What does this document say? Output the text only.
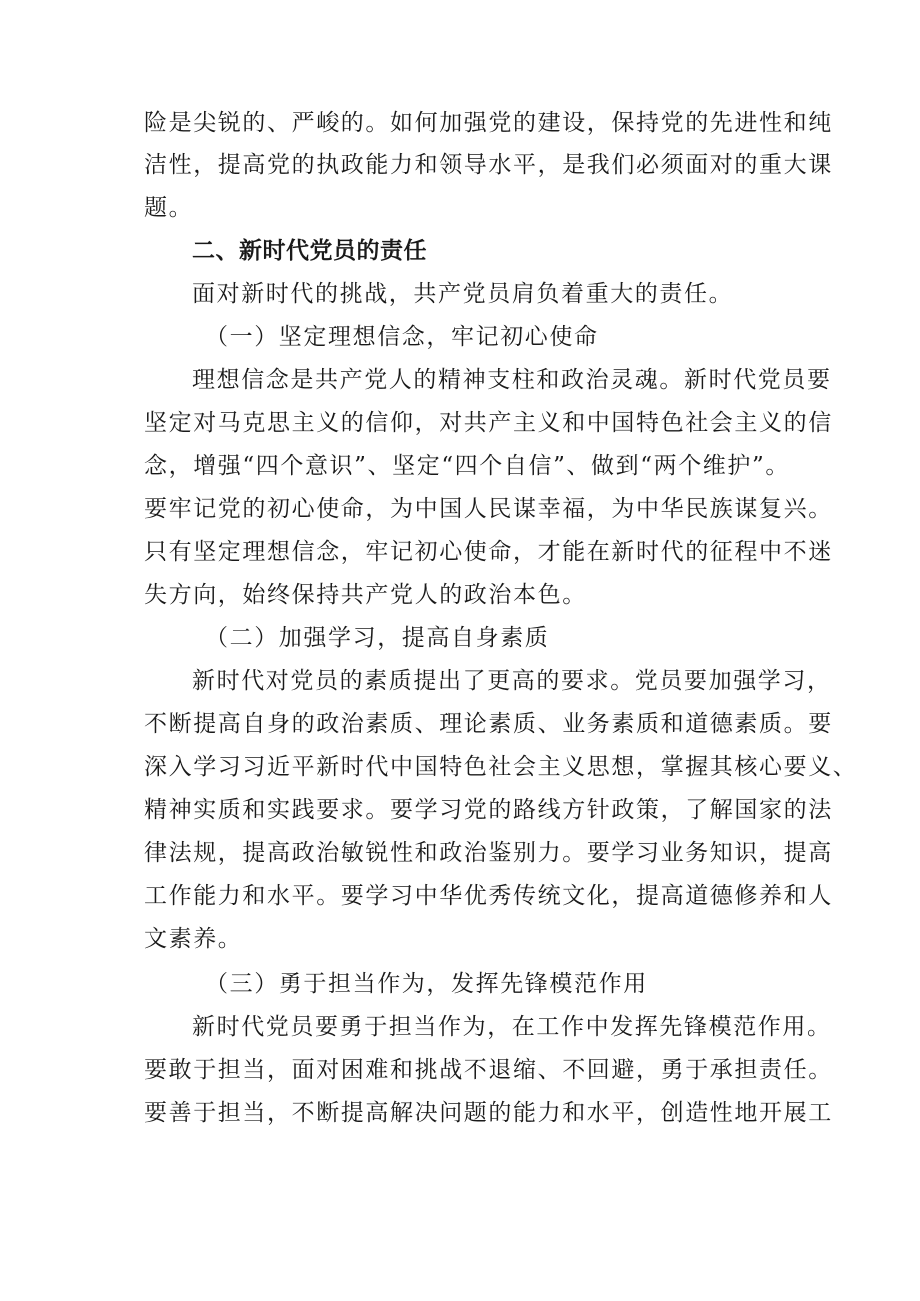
险是尖锐的、严峻的。如何加强党的建设，保持党的先进性和纯
洁性，提高党的执政能力和领导水平，是我们必须面对的重大课
题。
二、新时代党员的责任
面对新时代的挑战，共产党员肩负着重大的责任。
（一）坚定理想信念，牢记初心使命
理想信念是共产党人的精神支柱和政治灵魂。新时代党员要
坚定对马克思主义的信仰，对共产主义和中国特色社会主义的信
念，增强“四个意识”、坚定“四个自信”、做到“两个维护”。
要牢记党的初心使命，为中国人民谋幸福，为中华民族谋复兴。
只有坚定理想信念，牢记初心使命，才能在新时代的征程中不迷
失方向，始终保持共产党人的政治本色。
（二）加强学习，提高自身素质
新时代对党员的素质提出了更高的要求。党员要加强学习，
不断提高自身的政治素质、理论素质、业务素质和道德素质。要
深入学习习近平新时代中国特色社会主义思想，掌握其核心要义、
精神实质和实践要求。要学习党的路线方针政策，了解国家的法
律法规，提高政治敏锐性和政治鉴别力。要学习业务知识，提高
工作能力和水平。要学习中华优秀传统文化，提高道德修养和人
文素养。
（三）勇于担当作为，发挥先锋模范作用
新时代党员要勇于担当作为，在工作中发挥先锋模范作用。
要敢于担当，面对困难和挑战不退缩、不回避，勇于承担责任。
要善于担当，不断提高解决问题的能力和水平，创造性地开展工
